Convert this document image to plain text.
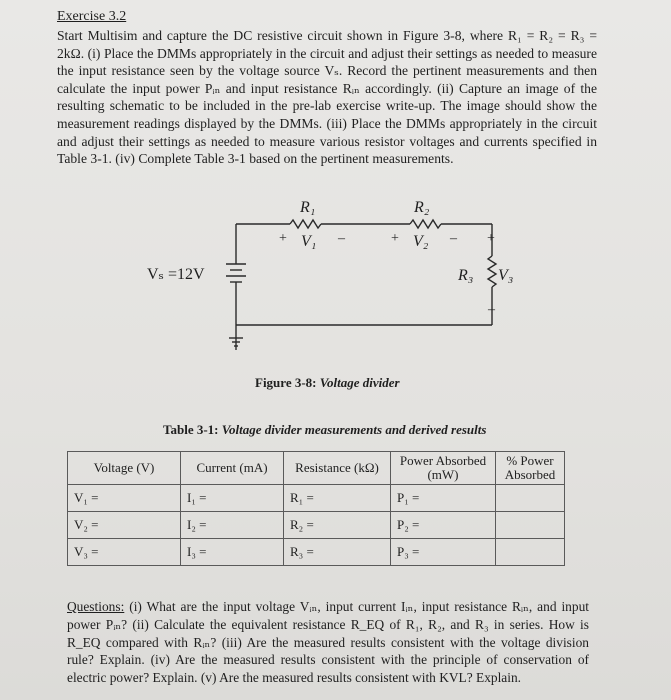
Exercise 3.2
Start Multisim and capture the DC resistive circuit shown in Figure 3-8, where R₁ = R₂ = R₃ = 2kΩ. (i) Place the DMMs appropriately in the circuit and adjust their settings as needed to measure the input resistance seen by the voltage source Vₛ. Record the pertinent measurements and then calculate the input power Pᵢₙ and input resistance Rᵢₙ accordingly. (ii) Capture an image of the resulting schematic to be included in the pre-lab exercise write-up. The image should show the measurement readings displayed by the DMMs. (iii) Place the DMMs appropriately in the circuit and adjust their settings as needed to measure various resistor voltages and currents specified in Table 3-1. (iv) Complete Table 3-1 based on the pertinent measurements.
R₁	R₂
+ V₁ –	+ V₂ – +
R₃ V₃
–
Vₛ =12V
Figure 3-8: Voltage divider
Table 3-1: Voltage divider measurements and derived results
Voltage (V)	Current (mA)	Resistance (kΩ)	Power Absorbed (mW)	% Power Absorbed
V₁ =	I₁ =	R₁ =	P₁ =	
V₂ =	I₂ =	R₂ =	P₂ =	
V₃ =	I₃ =	R₃ =	P₃ =	
Questions: (i) What are the input voltage Vᵢₙ, input current Iᵢₙ, input resistance Rᵢₙ, and input power Pᵢₙ? (ii) Calculate the equivalent resistance R_EQ of R₁, R₂, and R₃ in series. How is R_EQ compared with Rᵢₙ? (iii) Are the measured results consistent with the voltage division rule? Explain. (iv) Are the measured results consistent with the principle of conservation of electric power? Explain. (v) Are the measured results consistent with KVL? Explain.
